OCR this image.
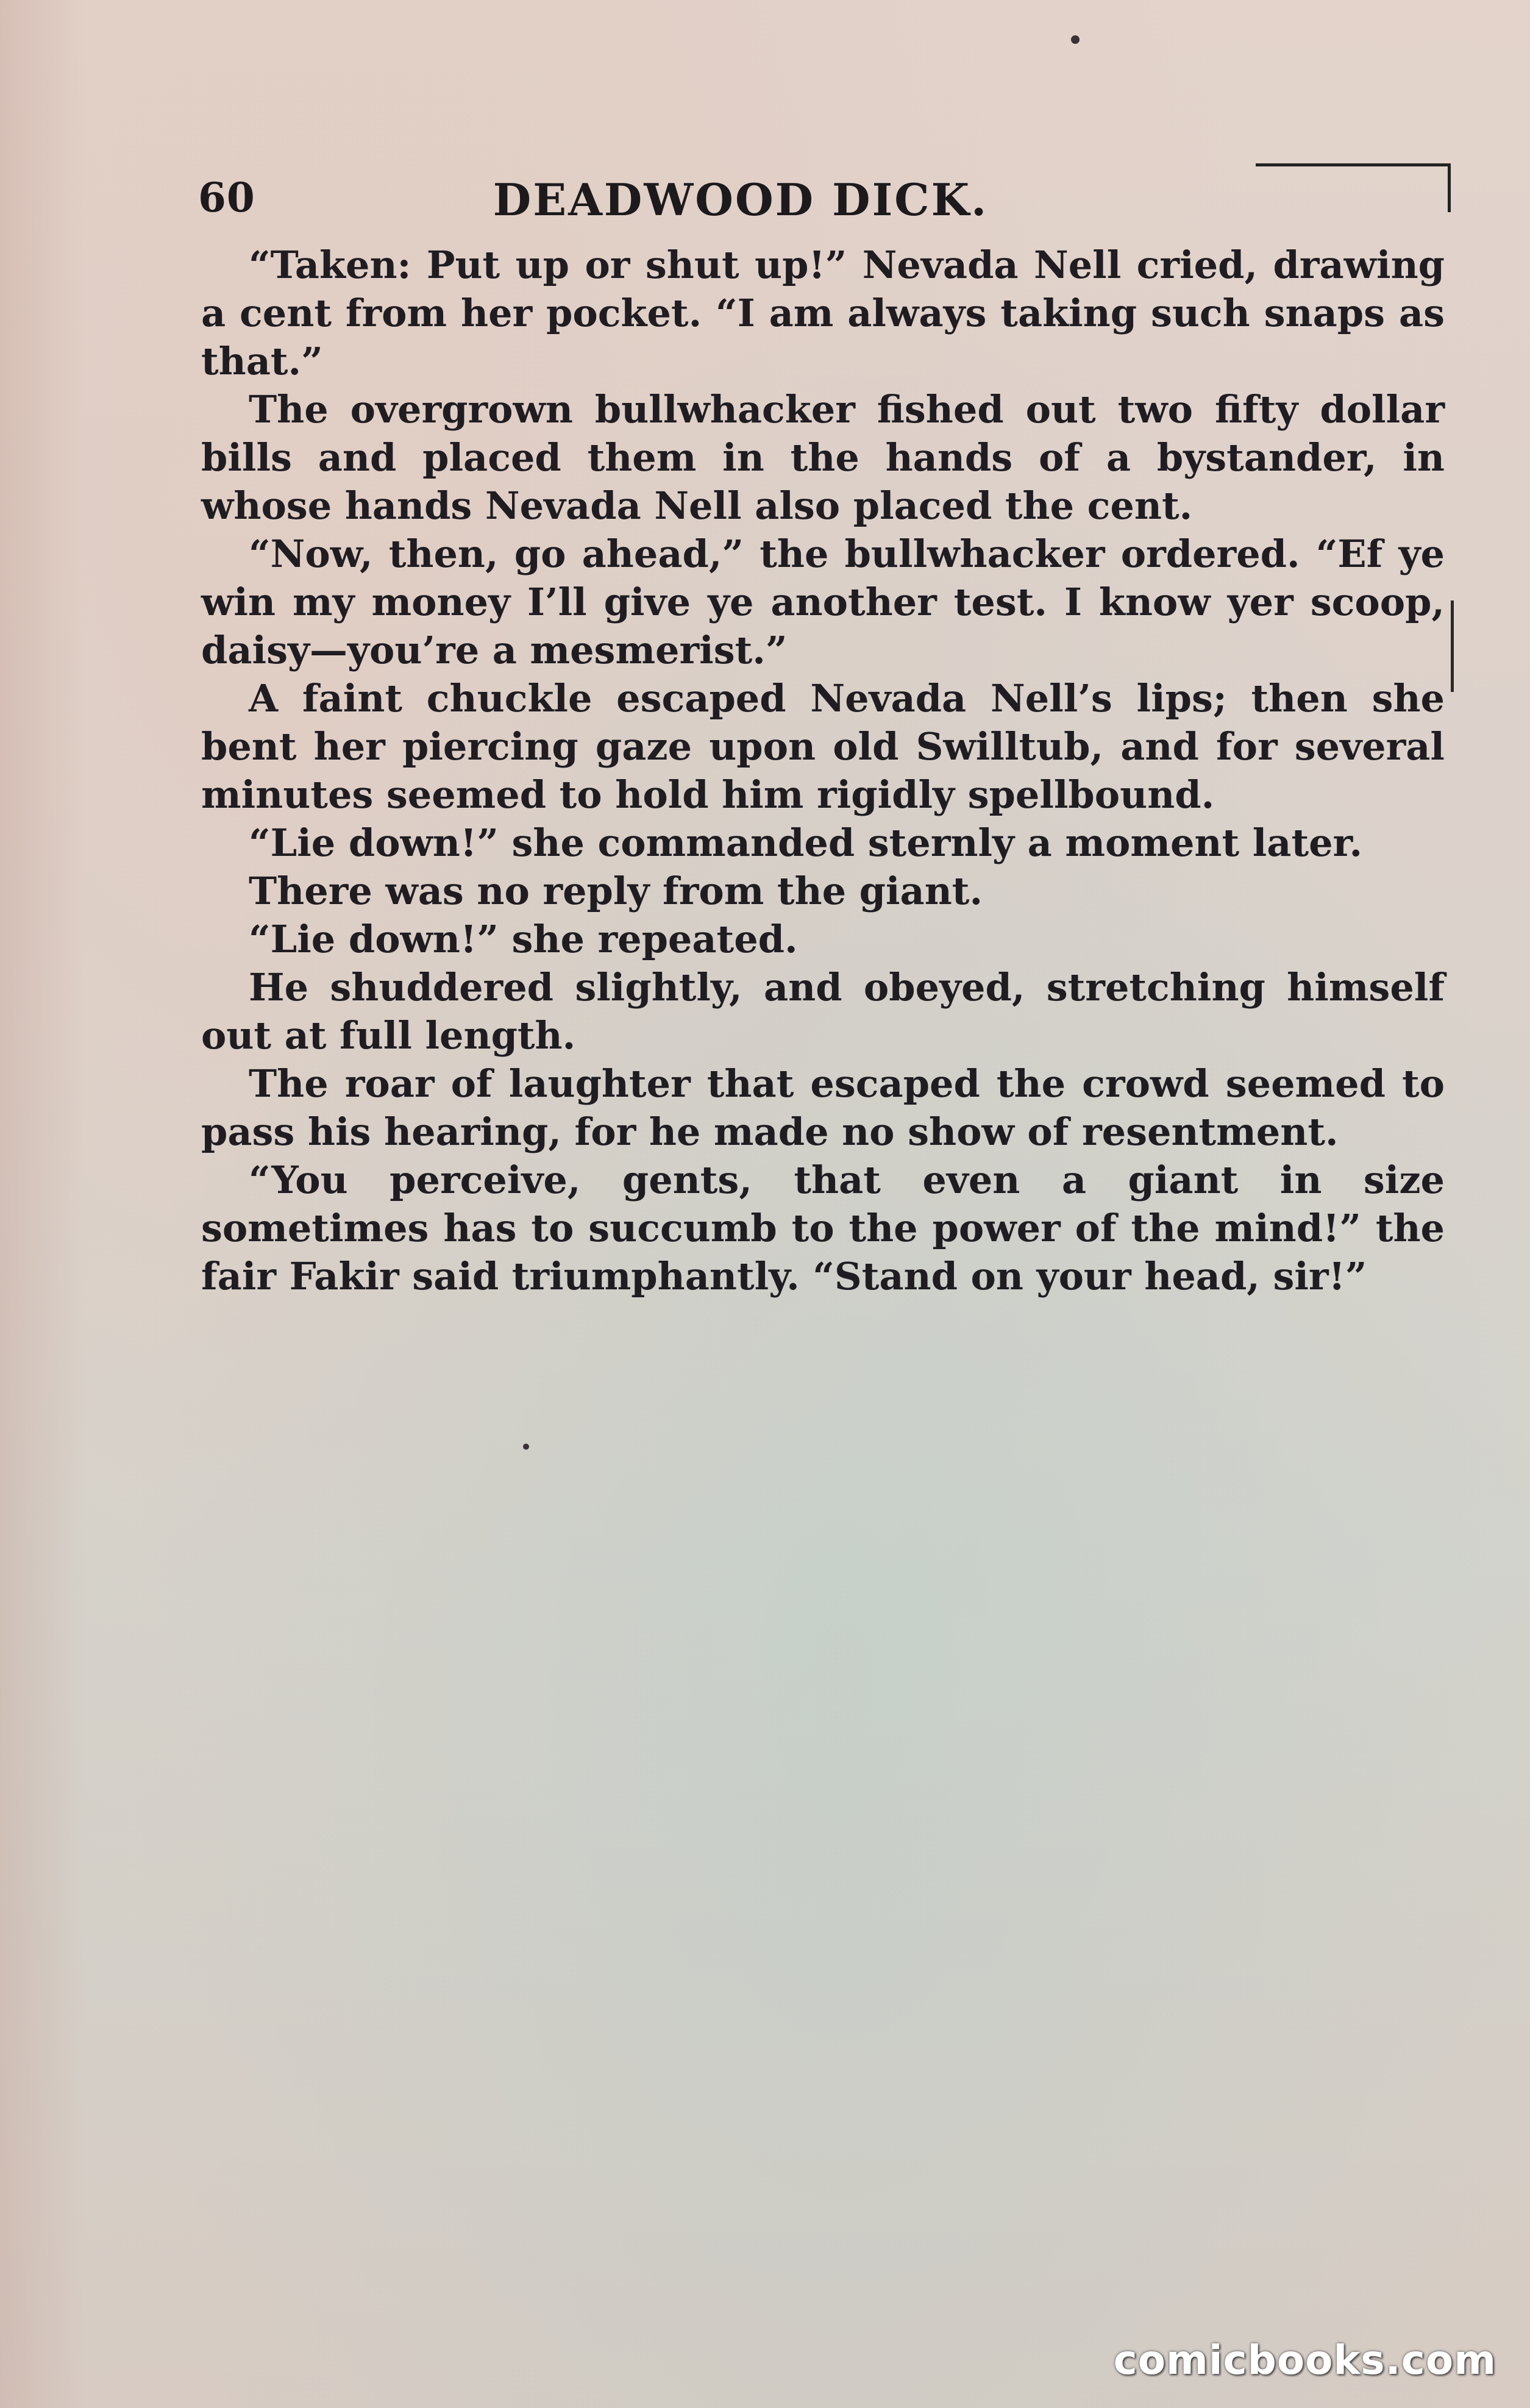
60	DEADWOOD DICK.

“Taken: Put up or shut up!” Nevada Nell cried, drawing a cent from her pocket. “I am always taking such snaps as that.”

The overgrown bullwhacker fished out two fifty dollar bills and placed them in the hands of a bystander, in whose hands Nevada Nell also placed the cent.

“Now, then, go ahead,” the bullwhacker ordered. “Ef ye win my money I’ll give ye another test. I know yer scoop, daisy—you’re a mesmerist.”

A faint chuckle escaped Nevada Nell’s lips; then she bent her piercing gaze upon old Swilltub, and for several minutes seemed to hold him rigidly spellbound.

“Lie down!” she commanded sternly a moment later.

There was no reply from the giant.

“Lie down!” she repeated.

He shuddered slightly, and obeyed, stretching himself out at full length.

The roar of laughter that escaped the crowd seemed to pass his hearing, for he made no show of resentment.

“You perceive, gents, that even a giant in size sometimes has to succumb to the power of the mind!” the fair Fakir said triumphantly. “Stand on your head, sir!”

comicbooks.com
